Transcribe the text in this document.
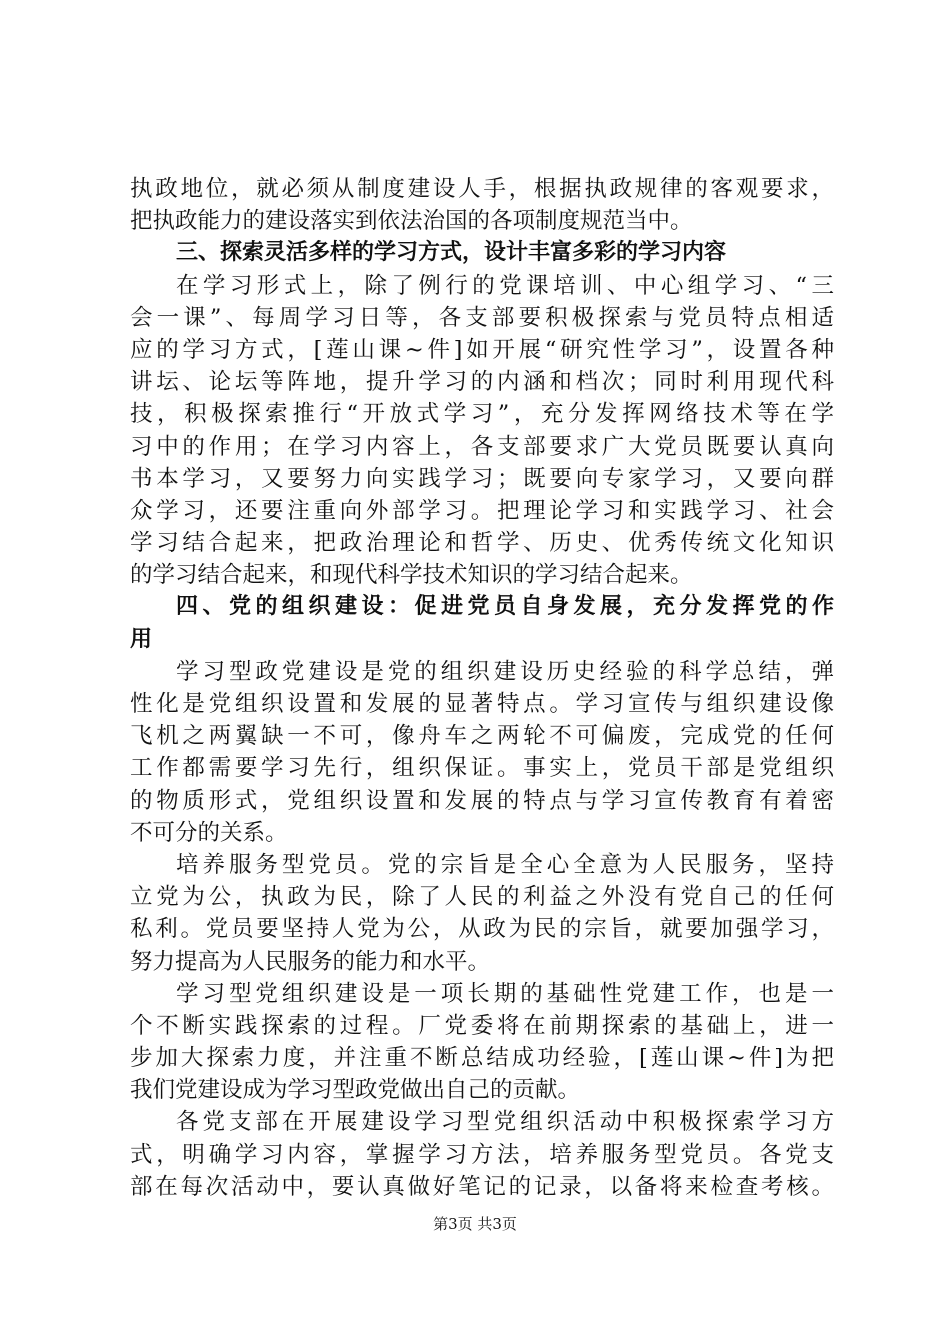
执政地位，就必须从制度建设人手，根据执政规律的客观要求，
把执政能力的建设落实到依法治国的各项制度规范当中。
三、探索灵活多样的学习方式，设计丰富多彩的学习内容
在学习形式上，除了例行的党课培训、中心组学习、“三
会一课”、每周学习日等，各支部要积极探索与党员特点相适
应的学习方式，[莲山课~件]如开展“研究性学习”，设置各种
讲坛、论坛等阵地，提升学习的内涵和档次；同时利用现代科
技，积极探索推行“开放式学习”，充分发挥网络技术等在学
习中的作用；在学习内容上，各支部要求广大党员既要认真向
书本学习，又要努力向实践学习；既要向专家学习，又要向群
众学习，还要注重向外部学习。把理论学习和实践学习、社会
学习结合起来，把政治理论和哲学、历史、优秀传统文化知识
的学习结合起来，和现代科学技术知识的学习结合起来。
四、党的组织建设：促进党员自身发展，充分发挥党的作
用
学习型政党建设是党的组织建设历史经验的科学总结，弹
性化是党组织设置和发展的显著特点。学习宣传与组织建设像
飞机之两翼缺一不可，像舟车之两轮不可偏废，完成党的任何
工作都需要学习先行，组织保证。事实上，党员干部是党组织
的物质形式，党组织设置和发展的特点与学习宣传教育有着密
不可分的关系。
培养服务型党员。党的宗旨是全心全意为人民服务，坚持
立党为公，执政为民，除了人民的利益之外没有党自己的任何
私利。党员要坚持人党为公，从政为民的宗旨，就要加强学习，
努力提高为人民服务的能力和水平。
学习型党组织建设是一项长期的基础性党建工作，也是一
个不断实践探索的过程。厂党委将在前期探索的基础上，进一
步加大探索力度，并注重不断总结成功经验，[莲山课~件]为把
我们党建设成为学习型政党做出自己的贡献。
各党支部在开展建设学习型党组织活动中积极探索学习方
式，明确学习内容，掌握学习方法，培养服务型党员。各党支
部在每次活动中，要认真做好笔记的记录，以备将来检查考核。
第3页 共3页
